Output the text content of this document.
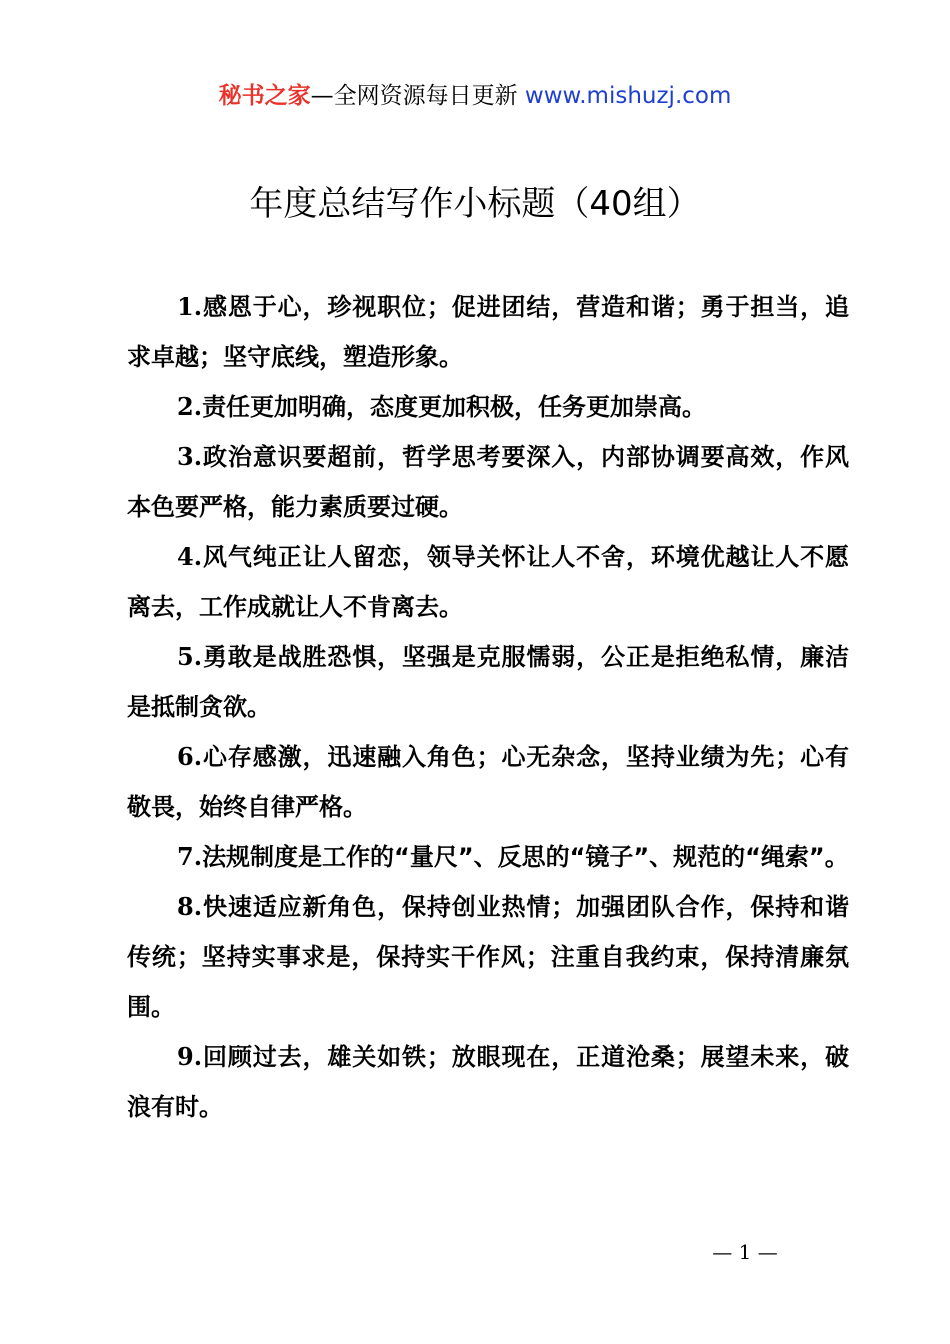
秘书之家—全网资源每日更新 www.mishuzj.com
年度总结写作小标题（40组）

1.感恩于心，珍视职位；促进团结，营造和谐；勇于担当，追求卓越；坚守底线，塑造形象。

2.责任更加明确，态度更加积极，任务更加崇高。

3.政治意识要超前，哲学思考要深入，内部协调要高效，作风本色要严格，能力素质要过硬。

4.风气纯正让人留恋，领导关怀让人不舍，环境优越让人不愿离去，工作成就让人不肯离去。

5.勇敢是战胜恐惧，坚强是克服懦弱，公正是拒绝私情，廉洁是抵制贪欲。

6.心存感激，迅速融入角色；心无杂念，坚持业绩为先；心有敬畏，始终自律严格。

7.法规制度是工作的“量尺”、反思的“镜子”、规范的“绳索”。

8.快速适应新角色，保持创业热情；加强团队合作，保持和谐传统；坚持实事求是，保持实干作风；注重自我约束，保持清廉氛围。

9.回顾过去，雄关如铁；放眼现在，正道沧桑；展望未来，破浪有时。

— 1 —
